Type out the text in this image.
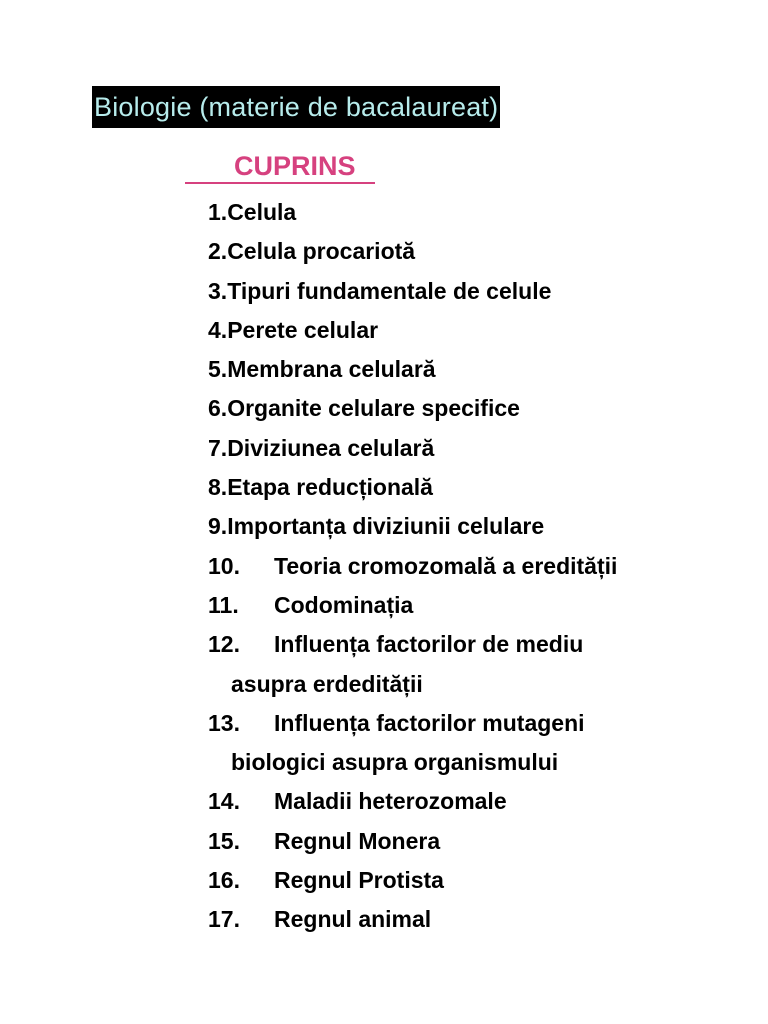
Biologie (materie de bacalaureat)
CUPRINS
1.Celula
2.Celula procariotă
3.Tipuri fundamentale de celule
4.Perete celular
5.Membrana celulară
6.Organite celulare specifice
7.Diviziunea celulară
8.Etapa reducțională
9.Importanța diviziunii celulare
10. Teoria cromozomală a eredității
11. Codominația
12. Influența factorilor de mediu
asupra erdedității
13. Influența factorilor mutageni
biologici asupra organismului
14. Maladii heterozomale
15. Regnul Monera
16. Regnul Protista
17. Regnul animal
